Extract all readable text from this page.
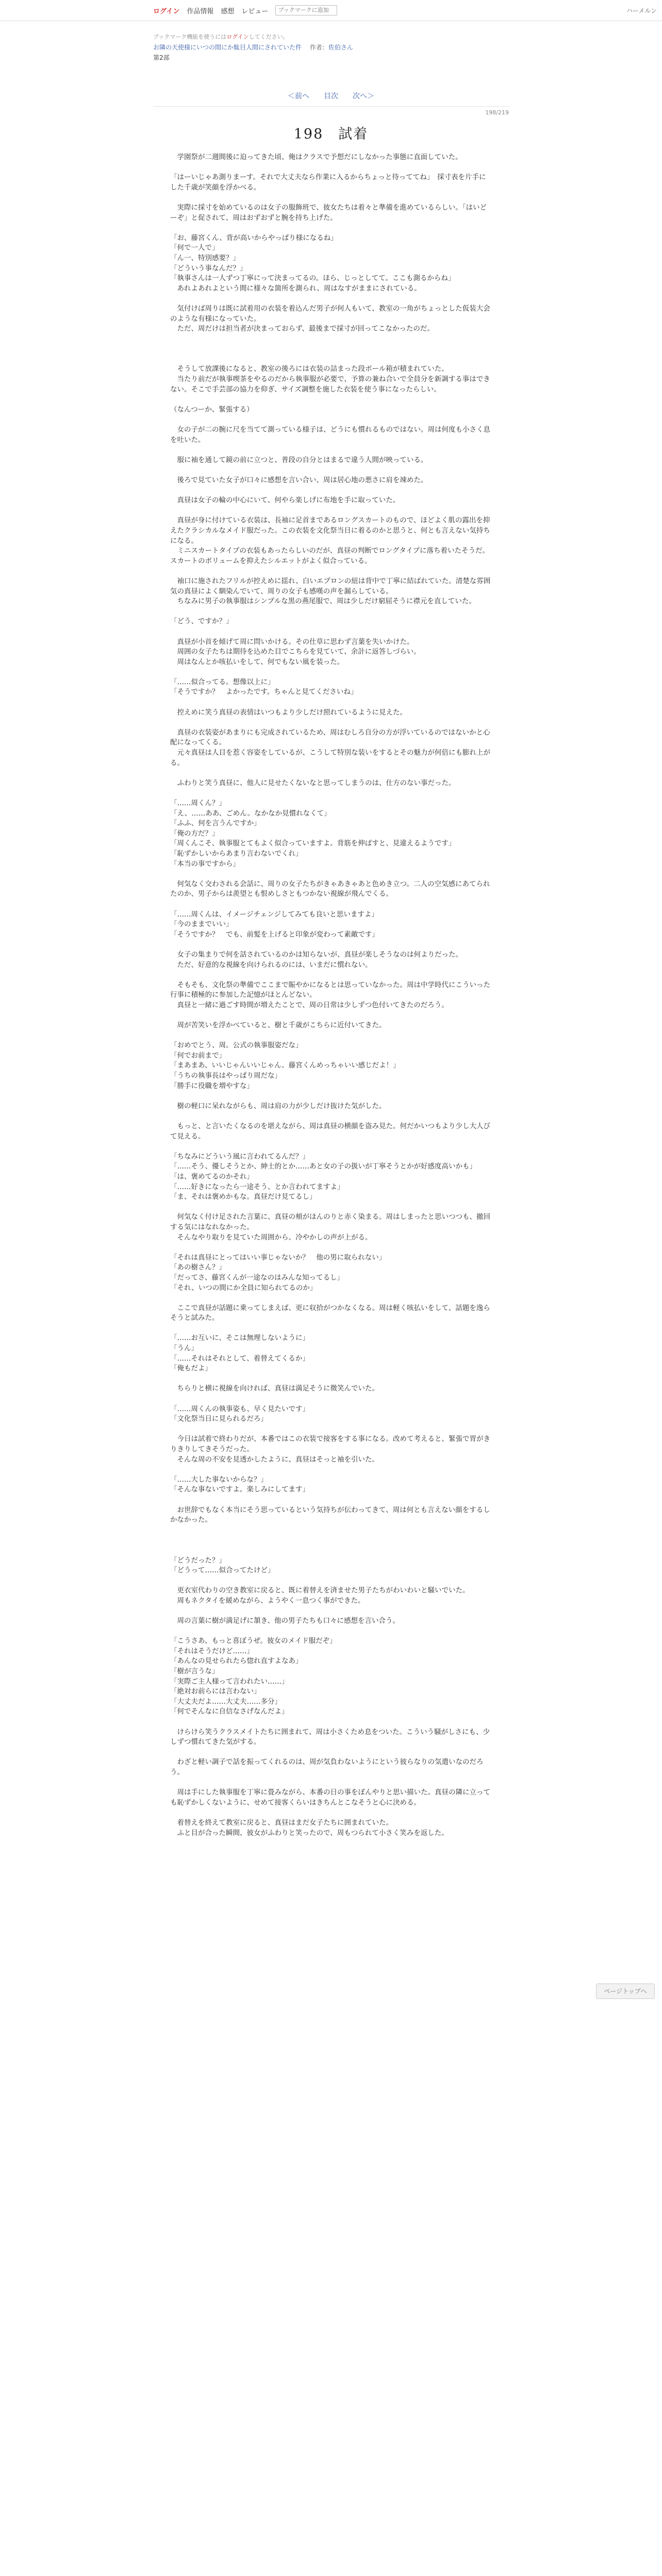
ログイン 作品情報 感想 レビュー
ブックマークに追加	ハーメルン
ブックマーク機能を使うにはログインしてください。
お隣の天使様にいつの間にか駄目人間にされていた件 　 作者：佐伯さん
第2部
＜前へ 目次 次へ＞
198/219
198　試着

　学園祭が二週間後に迫ってきた頃、俺はクラスで予想だにしなかった事態に直面していた。

「はーいじゃあ測りまーす。それで大丈夫なら作業に入るからちょっと待っててね」　採寸表を片手にした千歳が笑顔を浮かべる。

　実際に採寸を始めているのは女子の服飾班で、彼女たちは着々と準備を進めているらしい。「はいどーぞ」と促されて、周はおずおずと腕を持ち上げた。

「お、藤宮くん、背が高いからやっぱり様になるね」

「何で一人で」

「ん一、特別感要？」

「どういう事なんだ？」

「執事さんは一人ずつ丁寧にって決まってるの。ほら、じっとしてて。ここも測るからね」

　あれよあれよという間に様々な箇所を測られ、周はなすがままにされている。

　気付けば周りは既に試着用の衣装を着込んだ男子が何人もいて、教室の一角がちょっとした仮装大会のような有様になっていた。

　ただ、周だけは担当者が決まっておらず、最後まで採寸が回ってこなかったのだ。

　そうして放課後になると、教室の後ろには衣装の詰まった段ボール箱が積まれていた。

　当たり前だが執事喫茶をやるのだから執事服が必要で、予算の兼ね合いで全員分を新調する事はできない。そこで手芸部の協力を仰ぎ、サイズ調整を施した衣装を使う事になったらしい。

（なんつーか、緊張する）

　女の子が二の腕に尺を当てて測っている様子は、どうにも慣れるものではない。周は何度も小さく息を吐いた。

　服に袖を通して鏡の前に立つと、普段の自分とはまるで違う人間が映っている。

　後ろで見ていた女子が口々に感想を言い合い、周は居心地の悪さに肩を竦めた。

　真昼は女子の輪の中心にいて、何やら楽しげに布地を手に取っていた。

　真昼が身に付けている衣装は、長袖に足首まであるロングスカートのもので、ほどよく肌の露出を抑えたクラシカルなメイド服だった。この衣装を文化祭当日に着るのかと思うと、何とも言えない気持ちになる。

　ミニスカートタイプの衣装もあったらしいのだが、真昼の判断でロングタイプに落ち着いたそうだ。スカートのボリュームを抑えたシルエットがよく似合っている。

　袖口に施されたフリルが控えめに揺れ、白いエプロンの紐は背中で丁寧に結ばれていた。清楚な雰囲気の真昼によく馴染んでいて、周りの女子も感嘆の声を漏らしている。

　ちなみに男子の執事服はシンプルな黒の燕尾服で、周は少しだけ窮屈そうに襟元を直していた。

「どう、ですか？」

　真昼が小首を傾げて周に問いかける。その仕草に思わず言葉を失いかけた。

　周囲の女子たちは期待を込めた目でこちらを見ていて、余計に返答しづらい。

　周はなんとか咳払いをして、何でもない風を装った。

「……似合ってる。想像以上に」

「そうですか？　よかったです。ちゃんと見てくださいね」

　控えめに笑う真昼の表情はいつもより少しだけ照れているように見えた。

　真昼の衣装姿があまりにも完成されているため、周はむしろ自分の方が浮いているのではないかと心配になってくる。

　元々真昼は人目を惹く容姿をしているが、こうして特別な装いをするとその魅力が何倍にも膨れ上がる。

　ふわりと笑う真昼に、他人に見せたくないなと思ってしまうのは、仕方のない事だった。

「……周くん？」

「え、……ああ、ごめん。なかなか見慣れなくて」

「ふふ、何を言うんですか」

「俺の方だ？」

「周くんこそ、執事服とてもよく似合っていますよ。背筋を伸ばすと、見違えるようです」

「恥ずかしいからあまり言わないでくれ」

「本当の事ですから」

　何気なく交わされる会話に、周りの女子たちがきゃあきゃあと色めき立つ。二人の空気感にあてられたのか、男子からは羨望とも恨めしさともつかない視線が飛んでくる。

「……周くんは、イメージチェンジしてみても良いと思いますよ」

「今のままでいい」

「そうですか？　でも、前髪を上げると印象が変わって素敵です」

　女子の集まりで何を話されているのかは知らないが、真昼が楽しそうなのは何よりだった。

　ただ、好意的な視線を向けられるのには、いまだに慣れない。

　そもそも、文化祭の準備でここまで賑やかになるとは思っていなかった。周は中学時代にこういった行事に積極的に参加した記憶がほとんどない。

　真昼と一緒に過ごす時間が増えたことで、周の日常は少しずつ色付いてきたのだろう。

　周が苦笑いを浮かべていると、樹と千歳がこちらに近付いてきた。

「おめでとう、周。公式の執事服姿だな」

「何でお前まで」

「まあまあ、いいじゃんいいじゃん。藤宮くんめっちゃいい感じだよ！」

「うちの執事長はやっぱり周だな」

「勝手に役職を増やすな」

　樹の軽口に呆れながらも、周は肩の力が少しだけ抜けた気がした。

　もっと、と言いたくなるのを堪えながら、周は真昼の横顔を盗み見た。何だかいつもより少し大人びて見える。

「ちなみにどういう風に言われてるんだ？」

「……そう、優しそうとか、紳士的とか……あと女の子の扱いが丁寧そうとかが好感度高いかも」

「は、褒めてるのかそれ」

「……好きになったら一途そう、とか言われてますよ」

「ま、それは褒めかもな。真昼だけ見てるし」

　何気なく付け足された言葉に、真昼の頬がほんのりと赤く染まる。周はしまったと思いつつも、撤回する気にはなれなかった。

　そんなやり取りを見ていた周囲から、冷やかしの声が上がる。

「それは真昼にとってはいい事じゃないか？　他の男に取られない」

「あの樹さん？」

「だってさ、藤宮くんが一途なのはみんな知ってるし」

「それ、いつの間にか全員に知られてるのか」

　ここで真昼が話題に乗ってしまえば、更に収拾がつかなくなる。周は軽く咳払いをして、話題を逸らそうと試みた。

「……お互いに、そこは無理しないように」

「うん」

「……それはそれとして、着替えてくるか」

「俺もだよ」

　ちらりと横に視線を向ければ、真昼は満足そうに微笑んでいた。

「……周くんの執事姿も、早く見たいです」

「文化祭当日に見られるだろ」

　今日は試着で終わりだが、本番ではこの衣装で接客をする事になる。改めて考えると、緊張で胃がきりきりしてきそうだった。

　そんな周の不安を見透かしたように、真昼はそっと袖を引いた。

「……大した事ないからな？」

「そんな事ないですよ。楽しみにしてます」

　お世辞でもなく本当にそう思っているという気持ちが伝わってきて、周は何とも言えない顔をするしかなかった。

「どうだった？」

「どうって……似合ってたけど」

　更衣室代わりの空き教室に戻ると、既に着替えを済ませた男子たちがわいわいと騒いでいた。

　周もネクタイを緩めながら、ようやく一息つく事ができた。

　周の言葉に樹が満足げに頷き、他の男子たちも口々に感想を言い合う。

「こうさあ、もっと喜ぼうぜ。彼女のメイド服だぞ」

「それはそうだけど……」

「あんなの見せられたら惚れ直すよなあ」

「樹が言うな」

「実際ご主人様って言われたい……」

「絶対お前らには言わない」

「大丈夫だよ……大丈夫……多分」

「何でそんなに自信なさげなんだよ」

　けらけら笑うクラスメイトたちに囲まれて、周は小さくため息をついた。こういう騒がしさにも、少しずつ慣れてきた気がする。

　わざと軽い調子で話を振ってくれるのは、周が気負わないようにという彼らなりの気遣いなのだろう。

　周は手にした執事服を丁寧に畳みながら、本番の日の事をぼんやりと思い描いた。真昼の隣に立っても恥ずかしくないように、せめて接客くらいはきちんとこなそうと心に決める。

　着替えを終えて教室に戻ると、真昼はまだ女子たちに囲まれていた。

　ふと目が合った瞬間、彼女がふわりと笑ったので、周もつられて小さく笑みを返した。

ページトップへ
